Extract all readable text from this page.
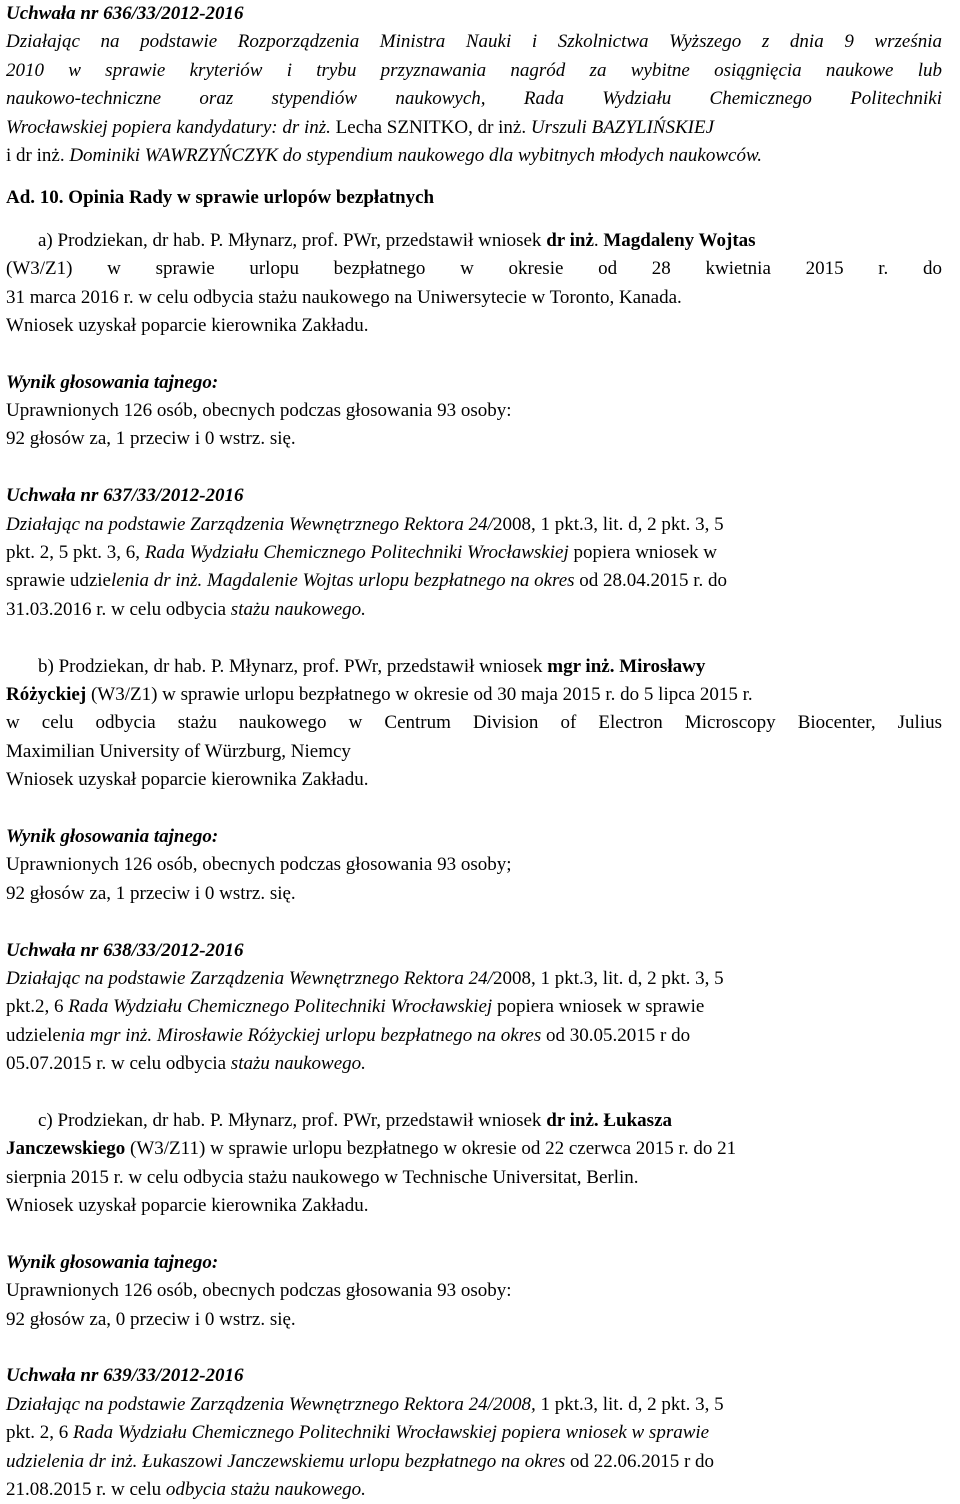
Uchwała nr 636/33/2012-2016
Działając na podstawie Rozporządzenia Ministra Nauki i Szkolnictwa Wyższego z dnia 9 września
2010 w sprawie kryteriów i trybu przyznawania nagród za wybitne osiągnięcia naukowe lub
naukowo-techniczne oraz stypendiów naukowych, Rada Wydziału Chemicznego Politechniki
Wrocławskiej popiera kandydatury: dr inż. Lecha SZNITKO, dr inż. Urszuli BAZYLIŃSKIEJ
i dr inż. Dominiki WAWRZYŃCZYK do stypendium naukowego dla wybitnych młodych naukowców.
Ad. 10. Opinia Rady w sprawie urlopów bezpłatnych
a) Prodziekan, dr hab. P. Młynarz, prof. PWr, przedstawił wniosek dr inż. Magdaleny Wojtas
(W3/Z1) w sprawie urlopu bezpłatnego w okresie od 28 kwietnia 2015 r. do
31 marca 2016 r. w celu odbycia stażu naukowego na Uniwersytecie w Toronto, Kanada.
Wniosek uzyskał poparcie kierownika Zakładu.
Wynik głosowania tajnego:
Uprawnionych 126 osób, obecnych podczas głosowania 93 osoby:
92 głosów za, 1 przeciw i 0 wstrz. się.
Uchwała nr 637/33/2012-2016
Działając na podstawie Zarządzenia Wewnętrznego Rektora 24/2008, 1 pkt.3, lit. d, 2 pkt. 3, 5
pkt. 2, 5 pkt. 3, 6, Rada Wydziału Chemicznego Politechniki Wrocławskiej popiera wniosek w
sprawie udzielenia dr inż. Magdalenie Wojtas urlopu bezpłatnego na okres od 28.04.2015 r. do
31.03.2016 r. w celu odbycia stażu naukowego.
b) Prodziekan, dr hab. P. Młynarz, prof. PWr, przedstawił wniosek mgr inż. Mirosławy
Różyckiej (W3/Z1) w sprawie urlopu bezpłatnego w okresie od 30 maja 2015 r. do 5 lipca 2015 r.
w celu odbycia stażu naukowego w Centrum Division of Electron Microscopy Biocenter, Julius
Maximilian University of Würzburg, Niemcy
Wniosek uzyskał poparcie kierownika Zakładu.
Wynik głosowania tajnego:
Uprawnionych 126 osób, obecnych podczas głosowania 93 osoby;
92 głosów za, 1 przeciw i 0 wstrz. się.
Uchwała nr 638/33/2012-2016
Działając na podstawie Zarządzenia Wewnętrznego Rektora 24/2008, 1 pkt.3, lit. d, 2 pkt. 3, 5
pkt.2, 6 Rada Wydziału Chemicznego Politechniki Wrocławskiej popiera wniosek w sprawie
udzielenia mgr inż. Mirosławie Różyckiej urlopu bezpłatnego na okres od 30.05.2015 r do
05.07.2015 r. w celu odbycia stażu naukowego.
c) Prodziekan, dr hab. P. Młynarz, prof. PWr, przedstawił wniosek dr inż. Łukasza
Janczewskiego (W3/Z11) w sprawie urlopu bezpłatnego w okresie od 22 czerwca 2015 r. do 21
sierpnia 2015 r. w celu odbycia stażu naukowego w Technische Universitat, Berlin.
Wniosek uzyskał poparcie kierownika Zakładu.
Wynik głosowania tajnego:
Uprawnionych 126 osób, obecnych podczas głosowania 93 osoby:
92 głosów za, 0 przeciw i 0 wstrz. się.
Uchwała nr 639/33/2012-2016
Działając na podstawie Zarządzenia Wewnętrznego Rektora 24/2008, 1 pkt.3, lit. d, 2 pkt. 3, 5
pkt. 2, 6 Rada Wydziału Chemicznego Politechniki Wrocławskiej popiera wniosek w sprawie
udzielenia dr inż. Łukaszowi Janczewskiemu urlopu bezpłatnego na okres od 22.06.2015 r do
21.08.2015 r. w celu odbycia stażu naukowego.
